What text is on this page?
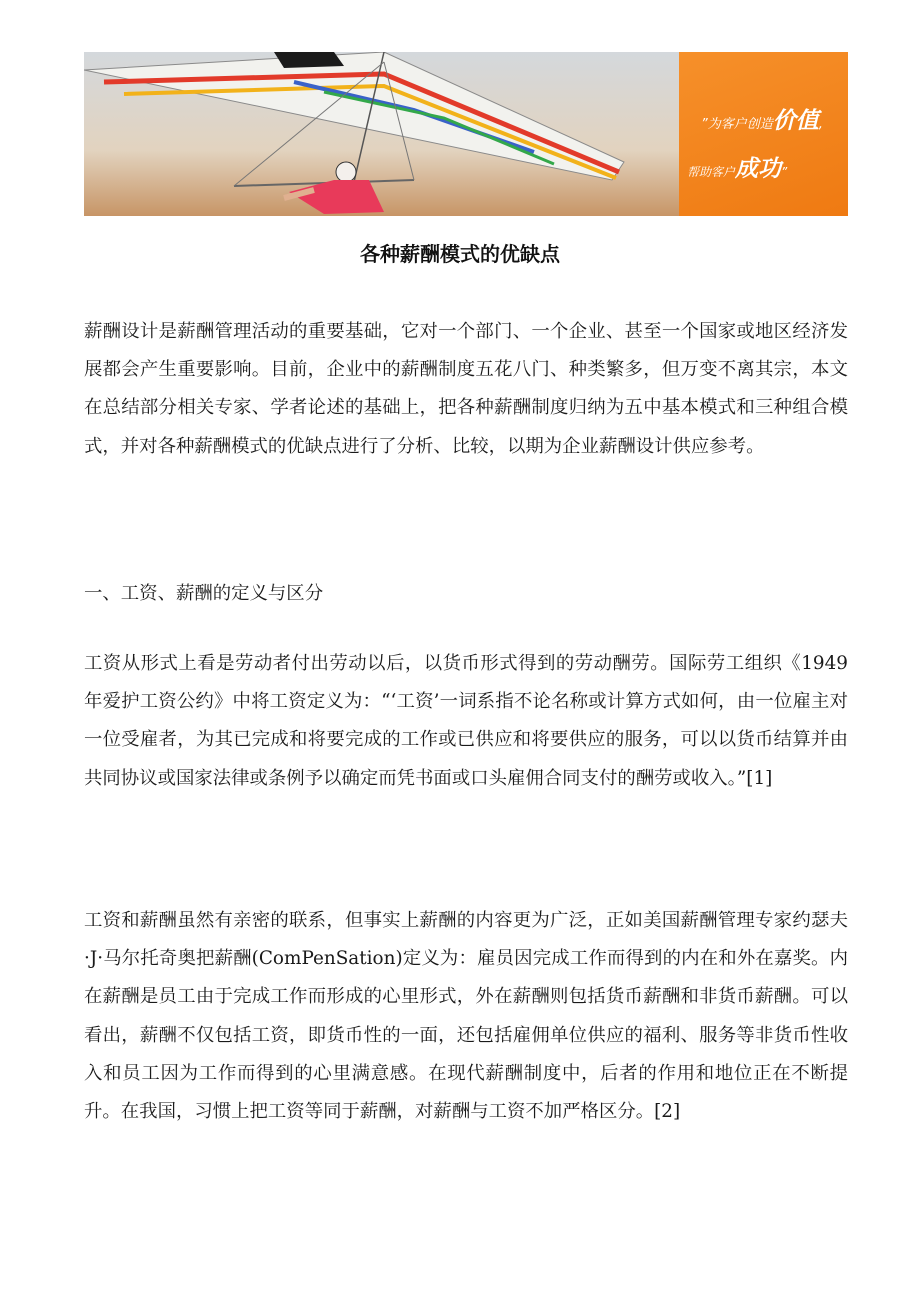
”为客户创造价值,
帮助客户成功”
各种薪酬模式的优缺点

薪酬设计是薪酬管理活动的重要基础，它对一个部门、一个企业、甚至一个国家或地区经济发展都会产生重要影响。目前，企业中的薪酬制度五花八门、种类繁多，但万变不离其宗，本文在总结部分相关专家、学者论述的基础上，把各种薪酬制度归纳为五中基本模式和三种组合模式，并对各种薪酬模式的优缺点进行了分析、比较，以期为企业薪酬设计供应参考。

一、工资、薪酬的定义与区分

工资从形式上看是劳动者付出劳动以后，以货币形式得到的劳动酬劳。国际劳工组织《1949年爱护工资公约》中将工资定义为：“‘工资’一词系指不论名称或计算方式如何，由一位雇主对一位受雇者，为其已完成和将要完成的工作或已供应和将要供应的服务，可以以货币结算并由共同协议或国家法律或条例予以确定而凭书面或口头雇佣合同支付的酬劳或收入。”[1]

工资和薪酬虽然有亲密的联系，但事实上薪酬的内容更为广泛，正如美国薪酬管理专家约瑟夫·J·马尔托奇奥把薪酬(ComPenSation)定义为：雇员因完成工作而得到的内在和外在嘉奖。内在薪酬是员工由于完成工作而形成的心里形式，外在薪酬则包括货币薪酬和非货币薪酬。可以看出，薪酬不仅包括工资，即货币性的一面，还包括雇佣单位供应的福利、服务等非货币性收入和员工因为工作而得到的心里满意感。在现代薪酬制度中，后者的作用和地位正在不断提升。在我国，习惯上把工资等同于薪酬，对薪酬与工资不加严格区分。[2]
